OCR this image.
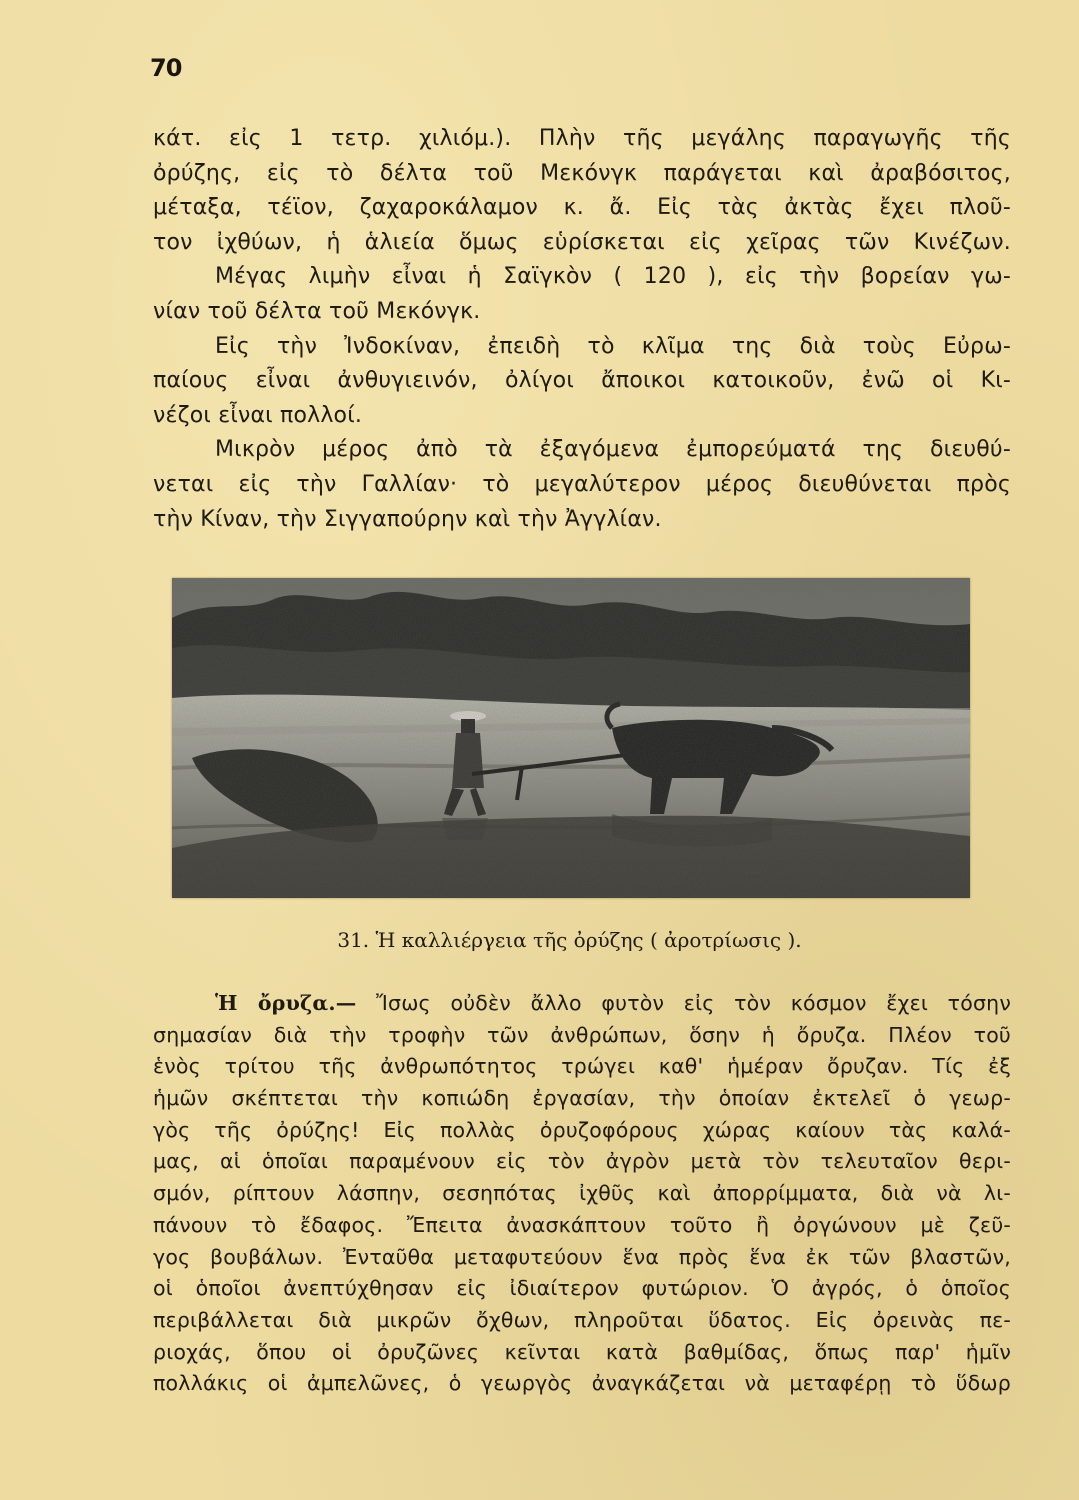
70
κάτ. εἰς 1 τετρ. χιλιόμ.). Πλὴν τῆς μεγάλης παραγωγῆς τῆς
ὀρύζης, εἰς τὸ δέλτα τοῦ Μεκόνγκ παράγεται καὶ ἀραβόσιτος,
μέταξα, τέϊον, ζαχαροκάλαμον κ. ἄ. Εἰς τὰς ἀκτὰς ἔχει πλοῦ-
τον ἰχθύων, ἡ ἁλιεία ὅμως εὑρίσκεται εἰς χεῖρας τῶν Κινέζων.
Μέγας λιμὴν εἶναι ἡ Σαϊγκὸν ( 120 ), εἰς τὴν βορείαν γω-
νίαν τοῦ δέλτα τοῦ Μεκόνγκ.
Εἰς τὴν Ἰνδοκίναν, ἐπειδὴ τὸ κλῖμα της διὰ τοὺς Εὐρω-
παίους εἶναι ἀνθυγιεινόν, ὀλίγοι ἄποικοι κατοικοῦν, ἐνῶ οἱ Κι-
νέζοι εἶναι πολλοί.
Μικρὸν μέρος ἀπὸ τὰ ἐξαγόμενα ἐμπορεύματά της διευθύ-
νεται εἰς τὴν Γαλλίαν· τὸ μεγαλύτερον μέρος διευθύνεται πρὸς
τὴν Κίναν, τὴν Σιγγαπούρην καὶ τὴν Ἀγγλίαν.
31. Ἡ καλλιέργεια τῆς ὀρύζης ( ἀροτρίωσις ).
Ἡ ὄρυζα.— Ἴσως οὐδὲν ἄλλο φυτὸν εἰς τὸν κόσμον ἔχει τόσην
σημασίαν διὰ τὴν τροφὴν τῶν ἀνθρώπων, ὅσην ἡ ὄρυζα. Πλέον τοῦ
ἑνὸς τρίτου τῆς ἀνθρωπότητος τρώγει καθ' ἡμέραν ὄρυζαν. Τίς ἐξ
ἡμῶν σκέπτεται τὴν κοπιώδη ἐργασίαν, τὴν ὁποίαν ἐκτελεῖ ὁ γεωρ-
γὸς τῆς ὀρύζης! Εἰς πολλὰς ὀρυζοφόρους χώρας καίουν τὰς καλά-
μας, αἱ ὁποῖαι παραμένουν εἰς τὸν ἀγρὸν μετὰ τὸν τελευταῖον θερι-
σμόν, ρίπτουν λάσπην, σεσηπότας ἰχθῦς καὶ ἀπορρίμματα, διὰ νὰ λι-
πάνουν τὸ ἔδαφος. Ἔπειτα ἀνασκάπτουν τοῦτο ἢ ὀργώνουν μὲ ζεῦ-
γος βουβάλων. Ἐνταῦθα μεταφυτεύουν ἕνα πρὸς ἕνα ἐκ τῶν βλαστῶν,
οἱ ὁποῖοι ἀνεπτύχθησαν εἰς ἰδιαίτερον φυτώριον. Ὁ ἀγρός, ὁ ὁποῖος
περιβάλλεται διὰ μικρῶν ὄχθων, πληροῦται ὕδατος. Εἰς ὀρεινὰς πε-
ριοχάς, ὅπου οἱ ὀρυζῶνες κεῖνται κατὰ βαθμίδας, ὅπως παρ' ἡμῖν
πολλάκις οἱ ἀμπελῶνες, ὁ γεωργὸς ἀναγκάζεται νὰ μεταφέρῃ τὸ ὕδωρ
